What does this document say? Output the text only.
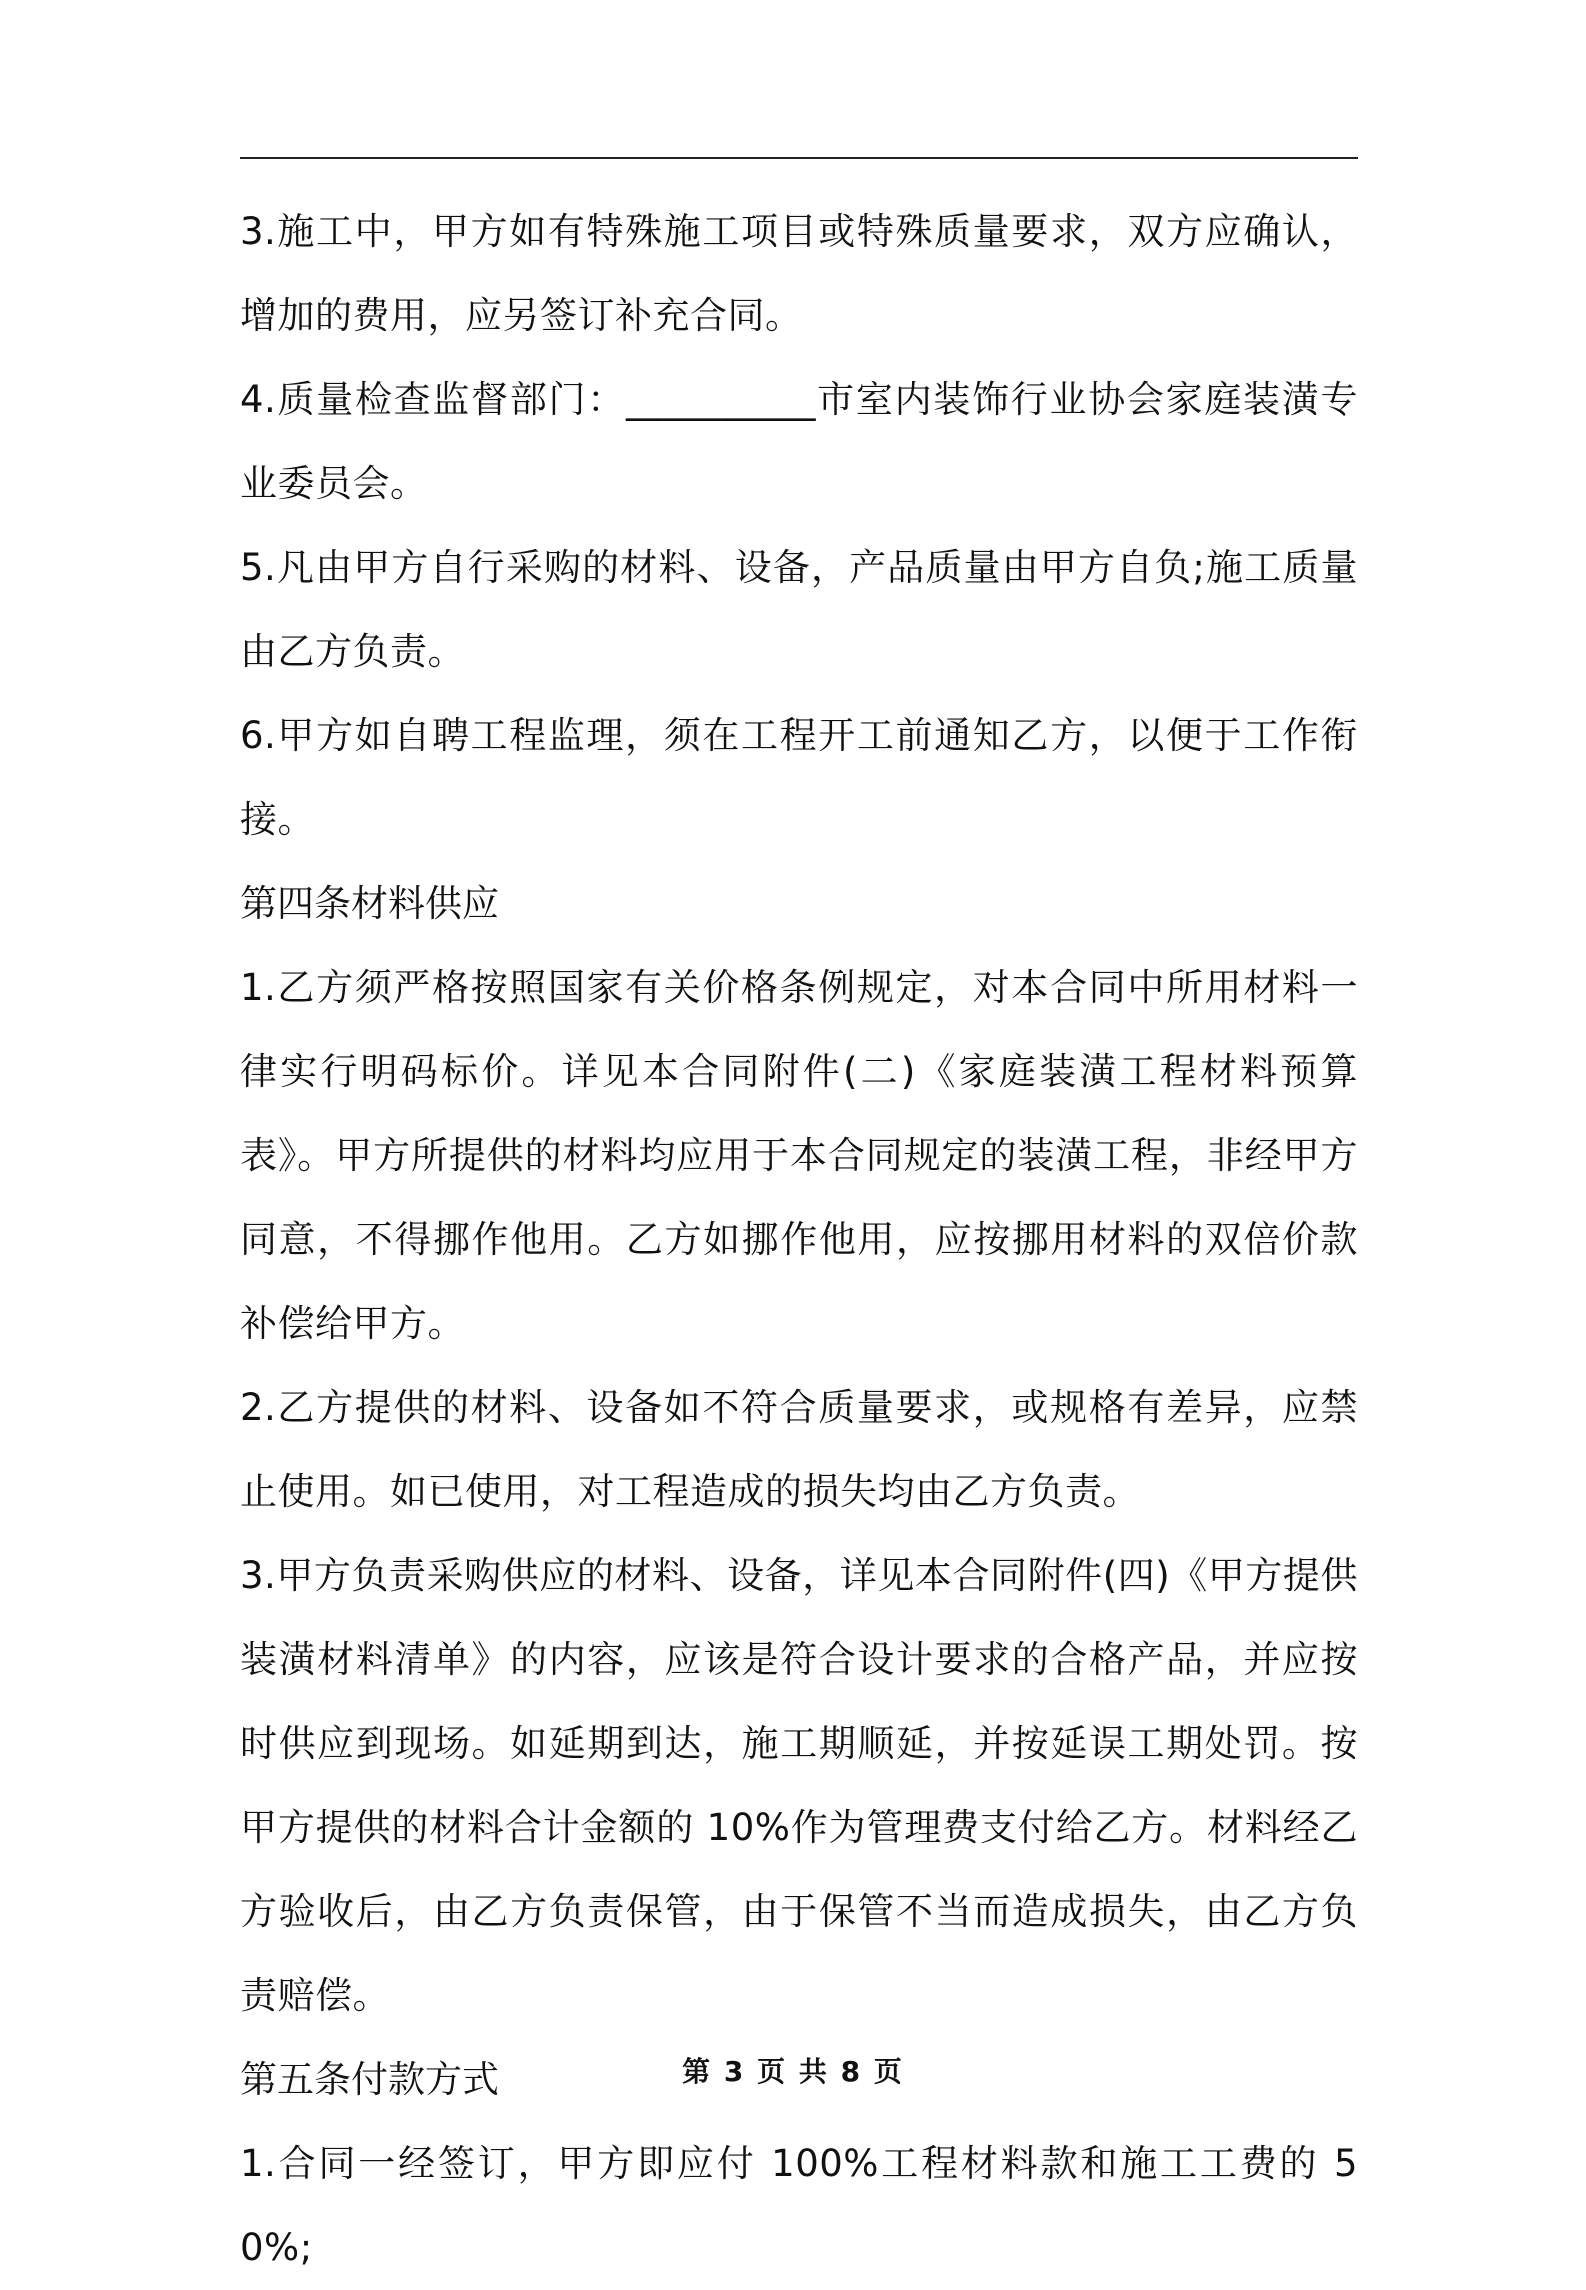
3.施工中，甲方如有特殊施工项目或特殊质量要求，双方应确认，增加的费用，应另签订补充合同。

4.质量检查监督部门：__________市室内装饰行业协会家庭装潢专业委员会。

5.凡由甲方自行采购的材料、设备，产品质量由甲方自负;施工质量由乙方负责。

6.甲方如自聘工程监理，须在工程开工前通知乙方，以便于工作衔接。

第四条材料供应

1.乙方须严格按照国家有关价格条例规定，对本合同中所用材料一律实行明码标价。详见本合同附件(二)《家庭装潢工程材料预算表》。甲方所提供的材料均应用于本合同规定的装潢工程，非经甲方同意，不得挪作他用。乙方如挪作他用，应按挪用材料的双倍价款补偿给甲方。

2.乙方提供的材料、设备如不符合质量要求，或规格有差异，应禁止使用。如已使用，对工程造成的损失均由乙方负责。

3.甲方负责采购供应的材料、设备，详见本合同附件(四)《甲方提供装潢材料清单》的内容，应该是符合设计要求的合格产品，并应按时供应到现场。如延期到达，施工期顺延，并按延误工期处罚。按甲方提供的材料合计金额的 10%作为管理费支付给乙方。材料经乙方验收后，由乙方负责保管，由于保管不当而造成损失，由乙方负责赔偿。

第五条付款方式

1.合同一经签订，甲方即应付 100%工程材料款和施工工费的 50%;

第 3 页 共 8 页
